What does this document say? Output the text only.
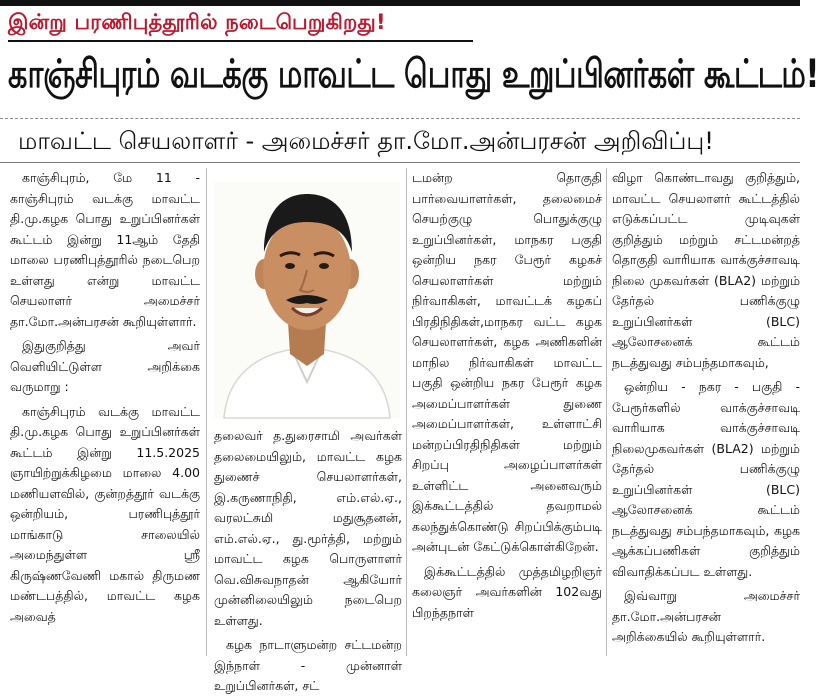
இன்று பரணிபுத்தூரில் நடைபெறுகிறது!
காஞ்சிபுரம் வடக்கு மாவட்ட பொது உறுப்பினர்கள் கூட்டம்!
மாவட்ட செயலாளர் - அமைச்சர் தா.மோ.அன்பரசன் அறிவிப்பு!

காஞ்சிபுரம், மே 11 - காஞ்சிபுரம் வடக்கு மாவட்ட தி.மு.கழக பொது உறுப்பினர்கள் கூட்டம் இன்று 11ஆம் தேதி மாலை பரணிபுத்தூரில் நடைபெற உள்ளது என்று மாவட்ட செயலாளர் அமைச்சர் தா.மோ.அன்பரசன் கூறியுள்ளார்.

இதுகுறித்து அவர் வெளியிட்டுள்ள அறிக்கை வருமாறு :

காஞ்சிபுரம் வடக்கு மாவட்ட தி.மு.கழக பொது உறுப்பினர்கள் கூட்டம் இன்று 11.5.2025 ஞாயிற்றுக்கிழமை மாலை 4.00 மணியளவில், குன்றத்தூர் வடக்கு ஒன்றியம், பரணிபுத்தூர் மாங்காடு சாலையில் அமைந்துள்ள ஸ்ரீ கிருஷ்ணவேணி மகால் திருமண மண்டபத்தில், மாவட்ட கழக அவைத்

தலைவர் த.துரைசாமி அவர்கள் தலைமையிலும், மாவட்ட கழக துணைச் செயலாளர்கள், இ.கருணாநிதி, எம்.எல்.ஏ., வரலட்சுமி மதுசூதனன், எம்.எல்.ஏ., து.மூர்த்தி, மற்றும் மாவட்ட கழக பொருளாளர் வெ.விசுவநாதன் ஆகியோர் முன்னிலையிலும் நடைபெற உள்ளது.

கழக நாடாளுமன்ற சட்டமன்ற இந்நாள் - முன்னாள் உறுப்பினர்கள், சட்

டமன்ற தொகுதி பார்வையாளர்கள், தலைமைச் செயற்குழு பொதுக்குழு உறுப்பினர்கள், மாநகர பகுதி ஒன்றிய நகர பேரூர் கழகச் செயலாளர்கள் மற்றும் நிர்வாகிகள், மாவட்டக் கழகப் பிரதிநிதிகள்,மாநகர வட்ட கழக செயலாளர்கள், கழக அணிகளின் மாநில நிர்வாகிகள் மாவட்ட பகுதி ஒன்றிய நகர பேரூர் கழக அமைப்பாளர்கள் துணை அமைப்பாளர்கள், உள்ளாட்சி மன்றப்பிரதிநிதிகள் மற்றும் சிறப்பு அழைப்பாளர்கள் உள்ளிட்ட அனைவரும் இக்கூட்டத்தில் தவறாமல் கலந்துக்கொண்டு சிறப்பிக்கும்படி அன்புடன் கேட்டுக்கொள்கிறேன்.

இக்கூட்டத்தில் முத்தமிழறிஞர் கலைஞர் அவர்களின் 102வது பிறந்தநாள்

விழா கொண்டாவது குறித்தும், மாவட்ட செயலாளர் கூட்டத்தில் எடுக்கப்பட்ட முடிவுகள் குறித்தும் மற்றும் சட்டமன்றத் தொகுதி வாரியாக வாக்குச்சாவடி நிலை முகவர்கள் (BLA2) மற்றும் தேர்தல் பணிக்குழு உறுப்பினர்கள் (BLC) ஆலோசனைக் கூட்டம் நடத்துவது சம்பந்தமாகவும்,

ஒன்றிய - நகர - பகுதி - பேரூர்களில் வாக்குச்சாவடி வாரியாக வாக்குச்சாவடி நிலைமுகவர்கள் (BLA2) மற்றும் தேர்தல் பணிக்குழு உறுப்பினர்கள் (BLC) ஆலோசனைக் கூட்டம் நடத்துவது சம்பந்தமாகவும், கழக ஆக்கப்பணிகள் குறித்தும் விவாதிக்கப்பட உள்ளது.

இவ்வாறு அமைச்சர் தா.மோ.அன்பரசன் அறிக்கையில் கூறியுள்ளார்.
